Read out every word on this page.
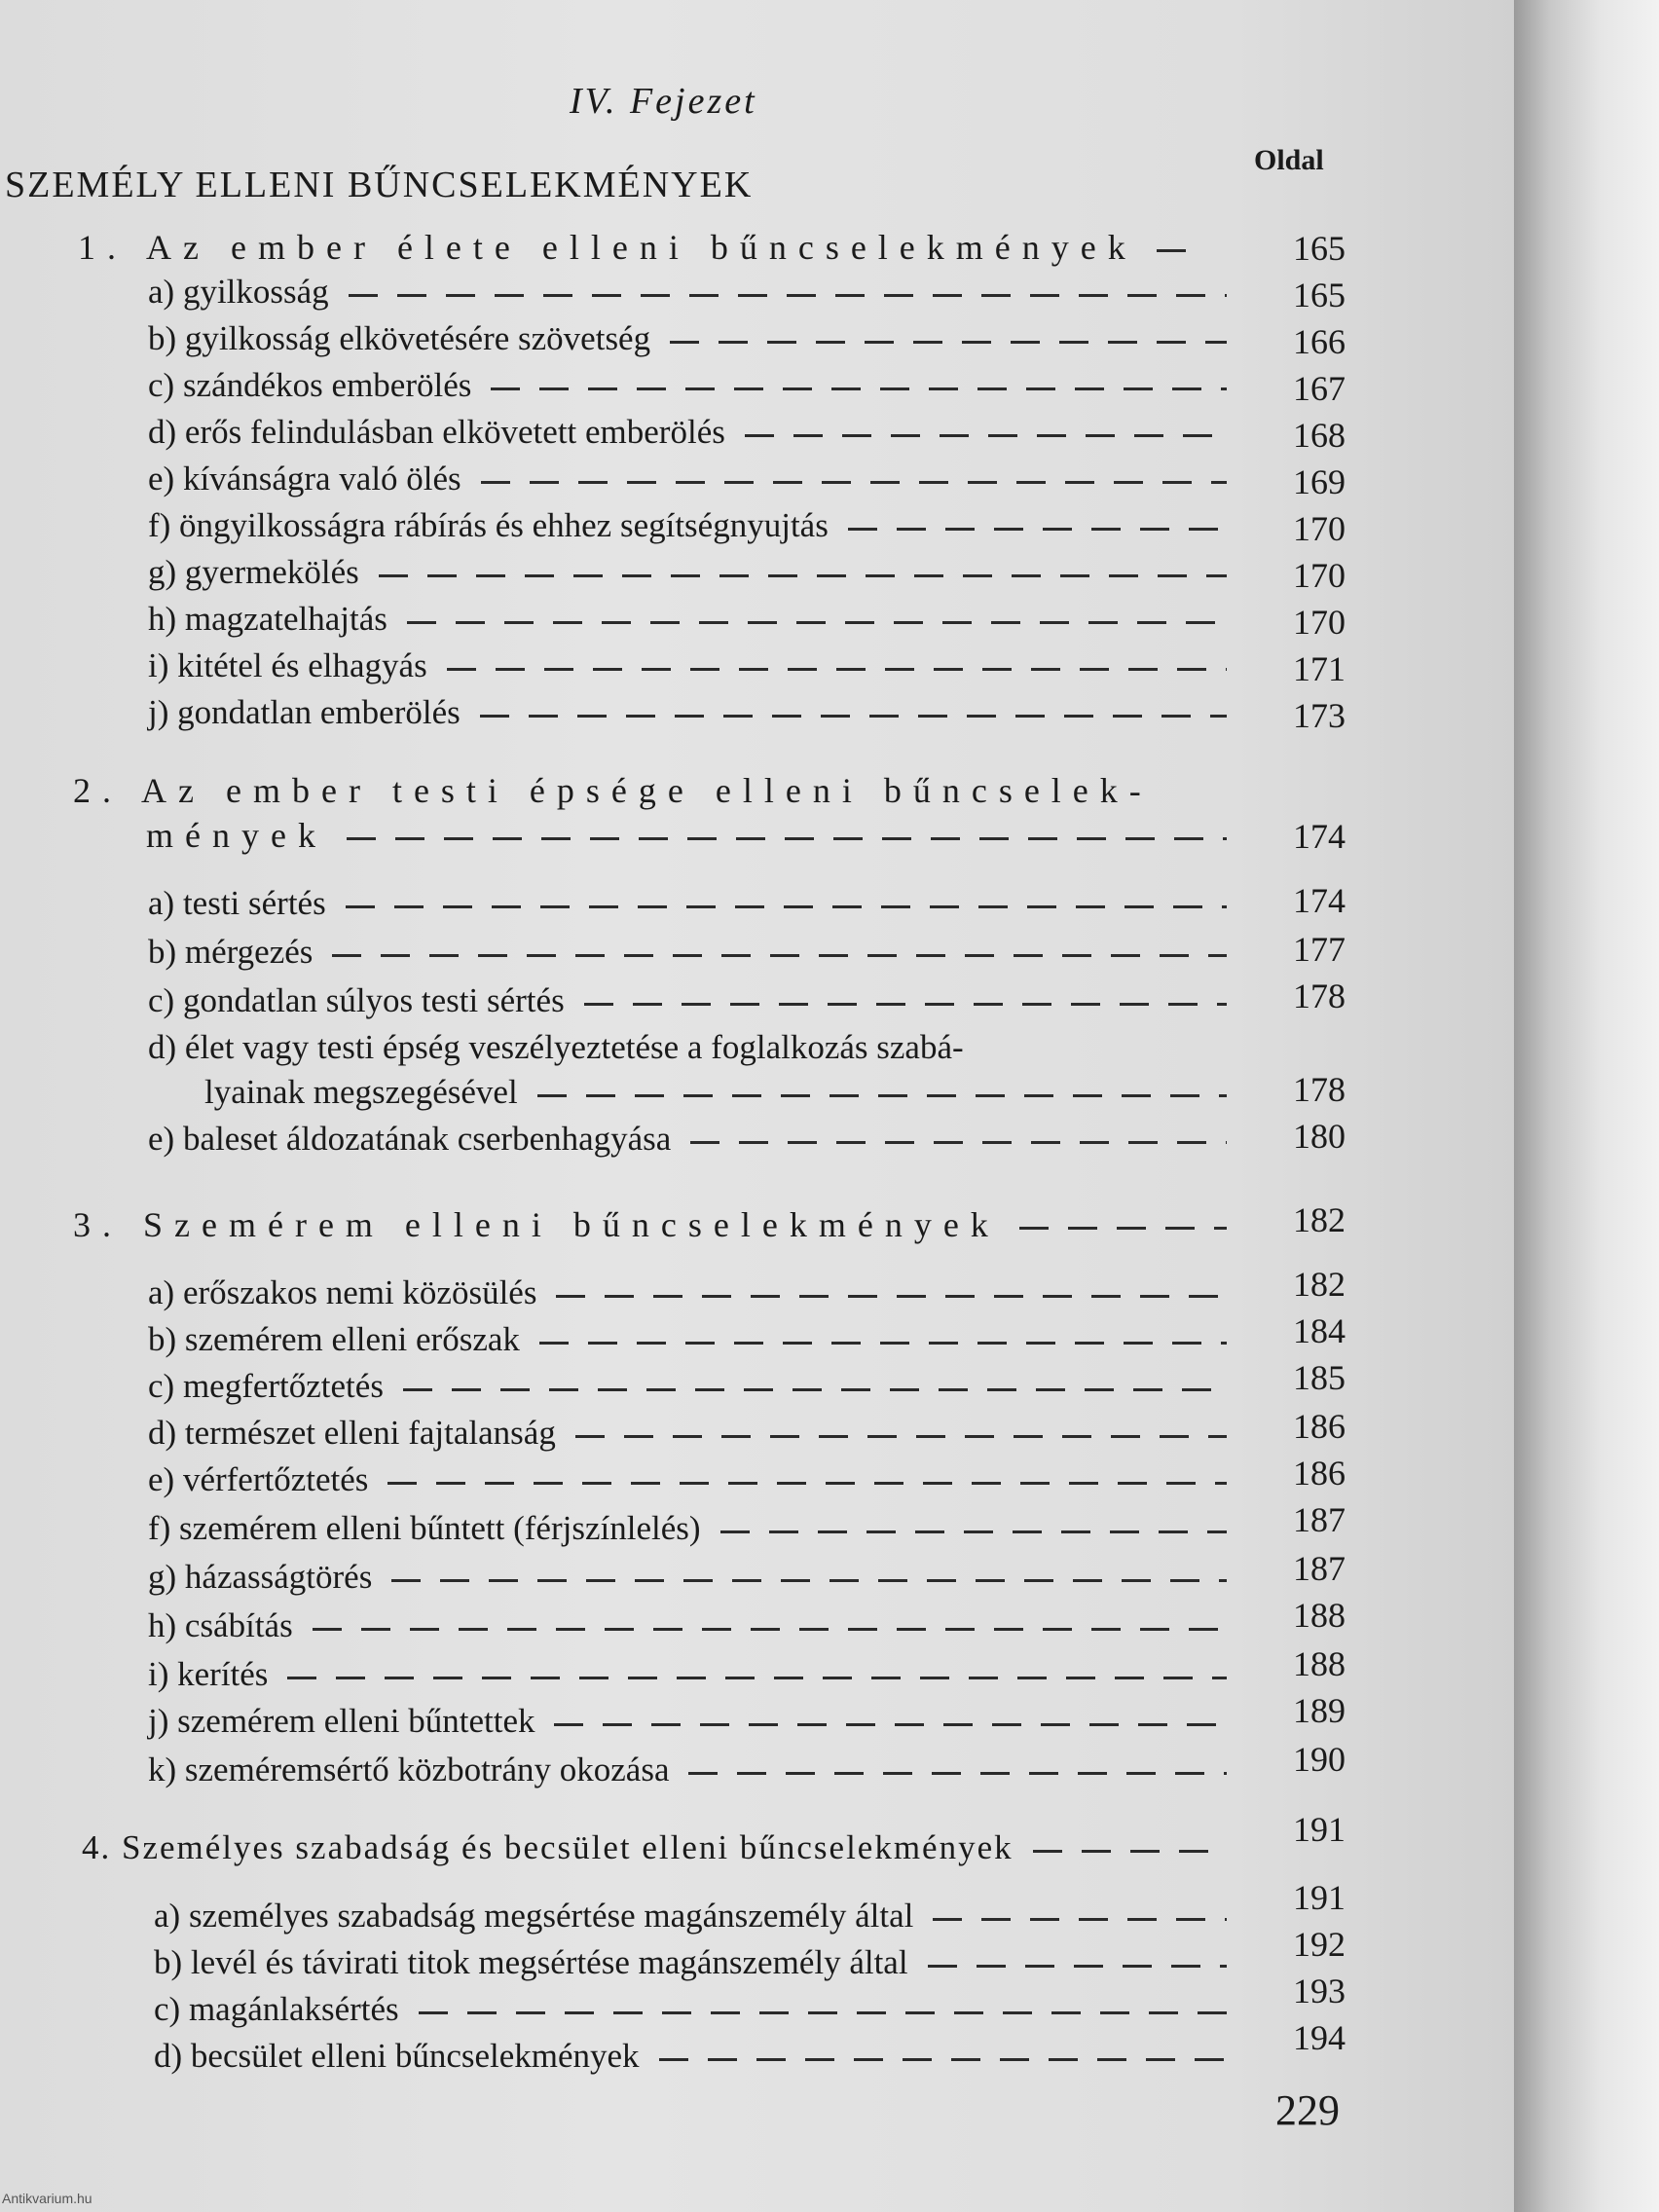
IV. Fejezet
Oldal
SZEMÉLY ELLENI BŰNCSELEKMÉNYEK
1. Az ember élete elleni bűncselekmények	165
a) gyilkosság	165
b) gyilkosság elkövetésére szövetség	166
c) szándékos emberölés	167
d) erős felindulásban elkövetett emberölés	168
e) kívánságra való ölés	169
f) öngyilkosságra rábírás és ehhez segítségnyujtás	170
g) gyermekölés	170
h) magzatelhajtás	170
i) kitétel és elhagyás	171
j) gondatlan emberölés	173
2. Az ember testi épsége elleni bűncselek-
mények	174
a) testi sértés	174
b) mérgezés	177
c) gondatlan súlyos testi sértés	178
d) élet vagy testi épség veszélyeztetése a foglalkozás szabá-
lyainak megszegésével	178
e) baleset áldozatának cserbenhagyása	180
3. Szemérem elleni bűncselekmények	182
a) erőszakos nemi közösülés	182
b) szemérem elleni erőszak	184
c) megfertőztetés	185
d) természet elleni fajtalanság	186
e) vérfertőztetés	186
f) szemérem elleni bűntett (férjszínlelés)	187
g) házasságtörés	187
h) csábítás	188
i) kerítés	188
j) szemérem elleni bűntettek	189
k) szeméremsértő közbotrány okozása	190
4. Személyes szabadság és becsület elleni bűncselekmények	191
a) személyes szabadság megsértése magánszemély által	191
b) levél és távirati titok megsértése magánszemély által	192
c) magánlaksértés	193
d) becsület elleni bűncselekmények	194
229
Antikvarium.hu
